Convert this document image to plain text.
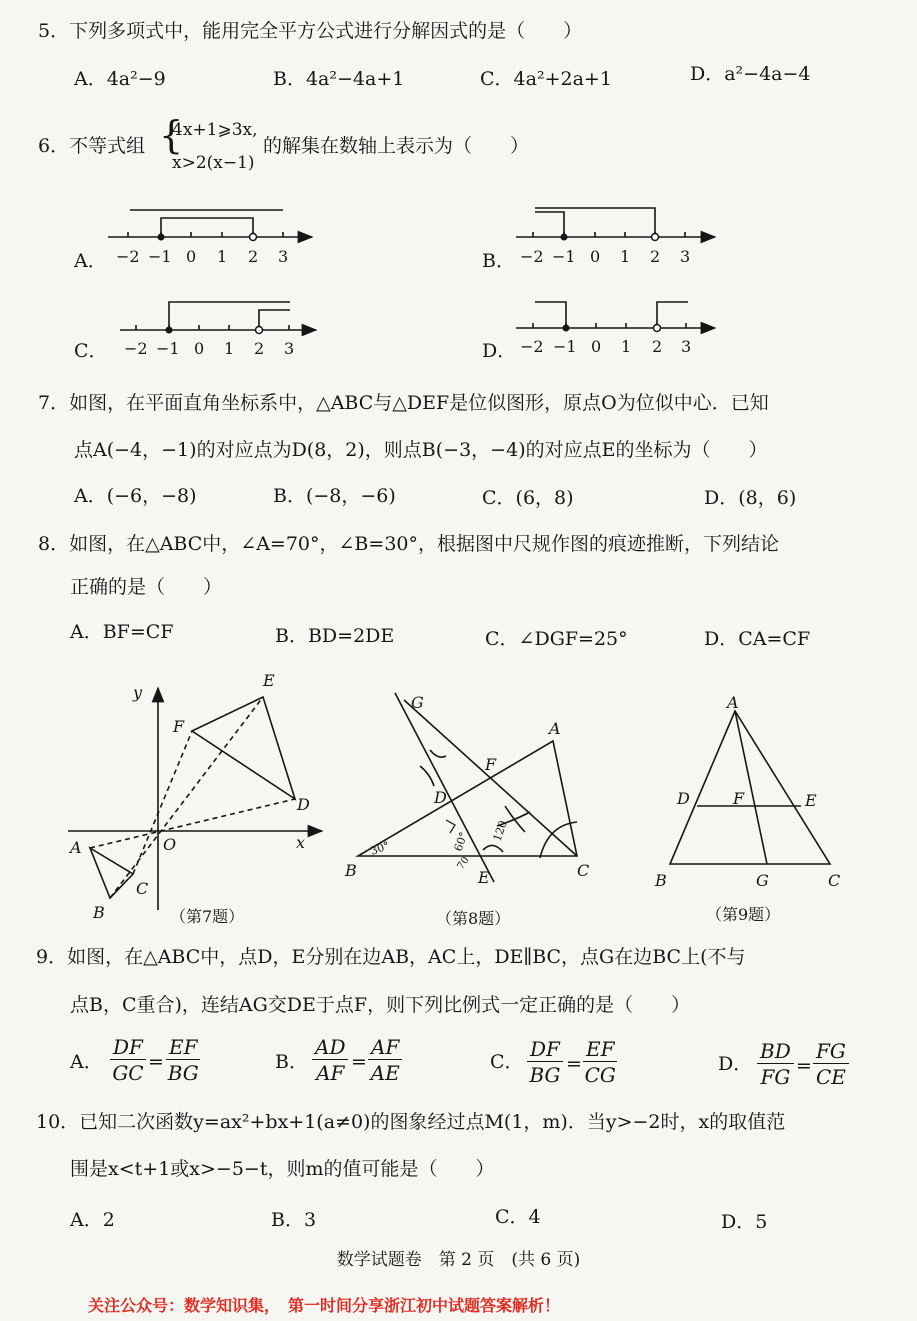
5．下列多项式中，能用完全平方公式进行分解因式的是（　　）
A．4a²−9	B．4a²−4a+1	C．4a²+2a+1	D．a²−4a−4
6．不等式组 {
4x+1⩾3x,
x>2(x−1)
的解集在数轴上表示为（　　）
A．	B．
C．	D．
−2 −1 0 1 2 3	−2 −1 0 1 2 3
−2 −1 0 1 2 3	−2 −1 0 1 2 3
7．如图，在平面直角坐标系中，△ABC与△DEF是位似图形，原点O为位似中心．已知
点A(−4，−1)的对应点为D(8，2)，则点B(−3，−4)的对应点E的坐标为（　　）
A．(−6，−8)	B．(−8，−6)	C．(6，8)	D．(8，6)
8．如图，在△ABC中，∠A=70°，∠B=30°，根据图中尺规作图的痕迹推断，下列结论
正确的是（　　）
A．BF=CF	B．BD=2DE	C．∠DGF=25°	D．CA=CF
y
x
O
A
B
C
D
E
F
G
A
B	C
D
E
F
30°	60°
70
120
A
B	C
D	E
F
G
（第7题）	（第8题）	（第9题）
9．如图，在△ABC中，点D，E分别在边AB，AC上，DE∥BC，点G在边BC上(不与
点B，C重合)，连结AG交DE于点F，则下列比例式一定正确的是（　　）
A． $\frac{DF}{GC} = \frac{EF}{BG}$	B． $\frac{AD}{AF} = \frac{AF}{AE}$	C． $\frac{DF}{BG} = \frac{EF}{CG}$	D． $\frac{BD}{FG} = \frac{FG}{CE}$
10．已知二次函数y=ax²+bx+1(a≠0)的图象经过点M(1，m)．当y>−2时，x的取值范
围是x<t+1或x>−5−t，则m的值可能是（　　）
A．2	B．3	C．4	D．5
数学试题卷　第 2 页　(共 6 页)
关注公众号：数学知识集，　第一时间分享浙江初中试题答案解析！
